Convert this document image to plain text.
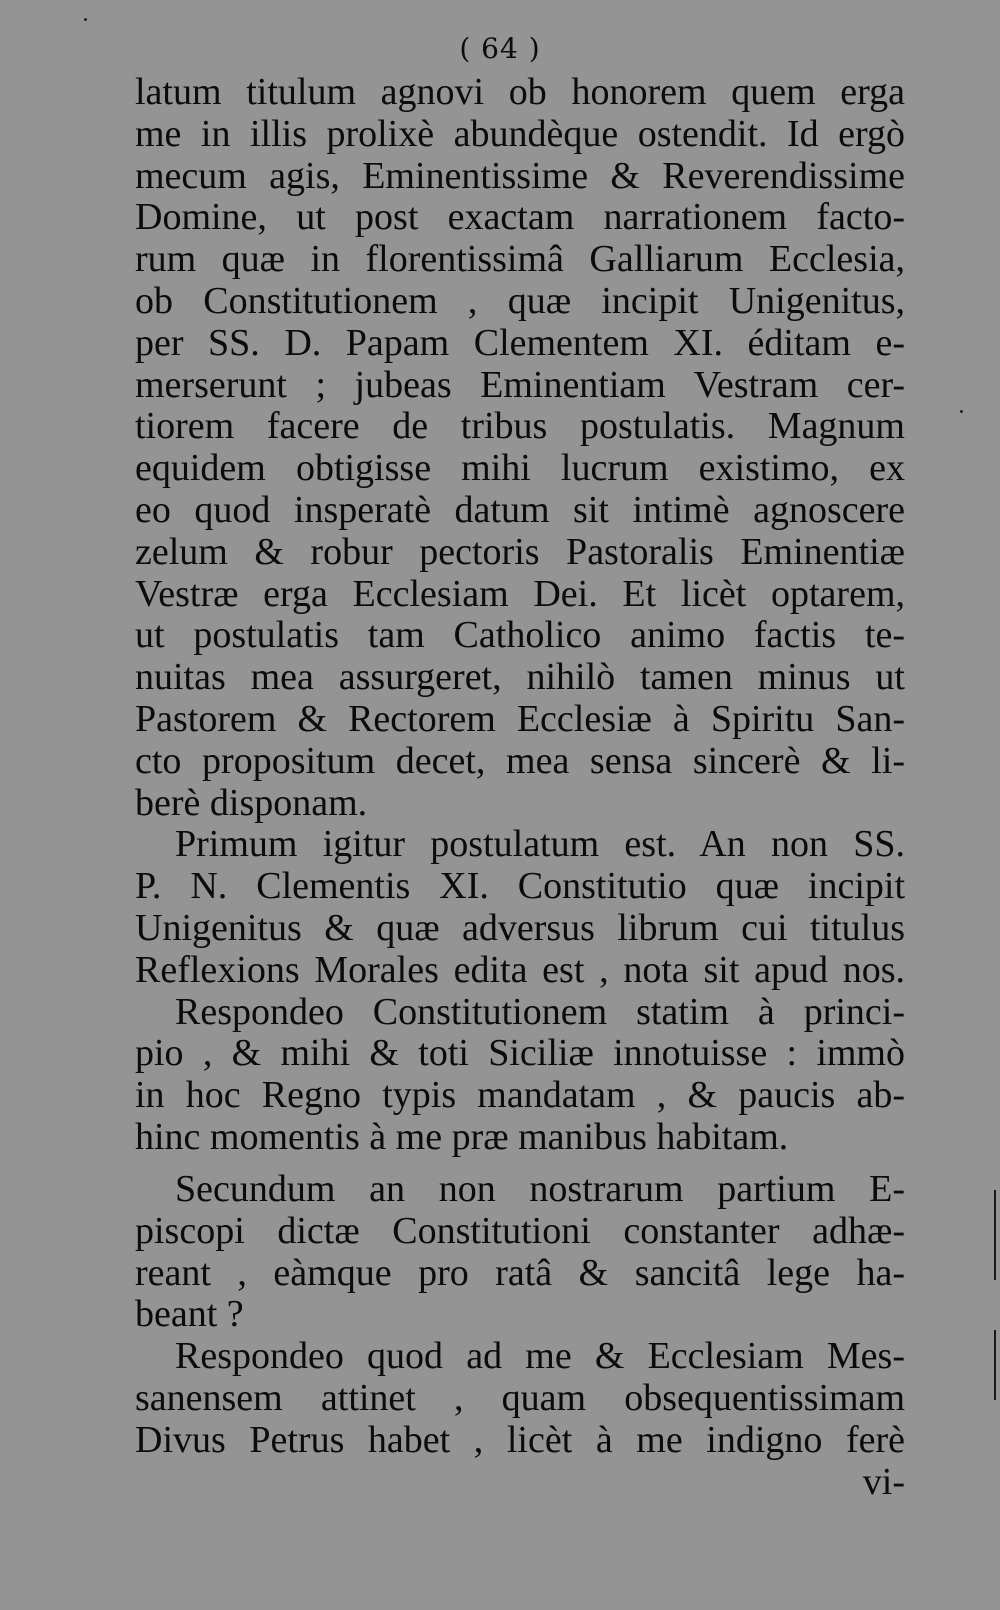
( 64 )
latum titulum agnovi ob honorem quem erga
me in illis prolixè abundèque ostendit. Id ergò
mecum agis, Eminentissime & Reverendissime
Domine, ut post exactam narrationem facto-
rum quæ in florentissimâ Galliarum Ecclesia,
ob Constitutionem , quæ incipit Unigenitus,
per SS. D. Papam Clementem XI. éditam e-
merserunt ; jubeas Eminentiam Vestram cer-
tiorem facere de tribus postulatis. Magnum
equidem obtigisse mihi lucrum existimo, ex
eo quod insperatè datum sit intimè agnoscere
zelum & robur pectoris Pastoralis Eminentiæ
Vestræ erga Ecclesiam Dei. Et licèt optarem,
ut postulatis tam Catholico animo factis te-
nuitas mea assurgeret, nihilò tamen minus ut
Pastorem & Rectorem Ecclesiæ à Spiritu San-
cto propositum decet, mea sensa sincerè & li-
berè disponam.
Primum igitur postulatum est. An non SS.
P. N. Clementis XI. Constitutio quæ incipit
Unigenitus & quæ adversus librum cui titulus
Reflexions Morales edita est , nota sit apud nos.
Respondeo Constitutionem statim à princi-
pio , & mihi & toti Siciliæ innotuisse : immò
in hoc Regno typis mandatam , & paucis ab-
hinc momentis à me præ manibus habitam.
Secundum an non nostrarum partium E-
piscopi dictæ Constitutioni constanter adhæ-
reant , eàmque pro ratâ & sancitâ lege ha-
beant ?
Respondeo quod ad me & Ecclesiam Mes-
sanensem attinet , quam obsequentissimam
Divus Petrus habet , licèt à me indigno ferè
vi-
